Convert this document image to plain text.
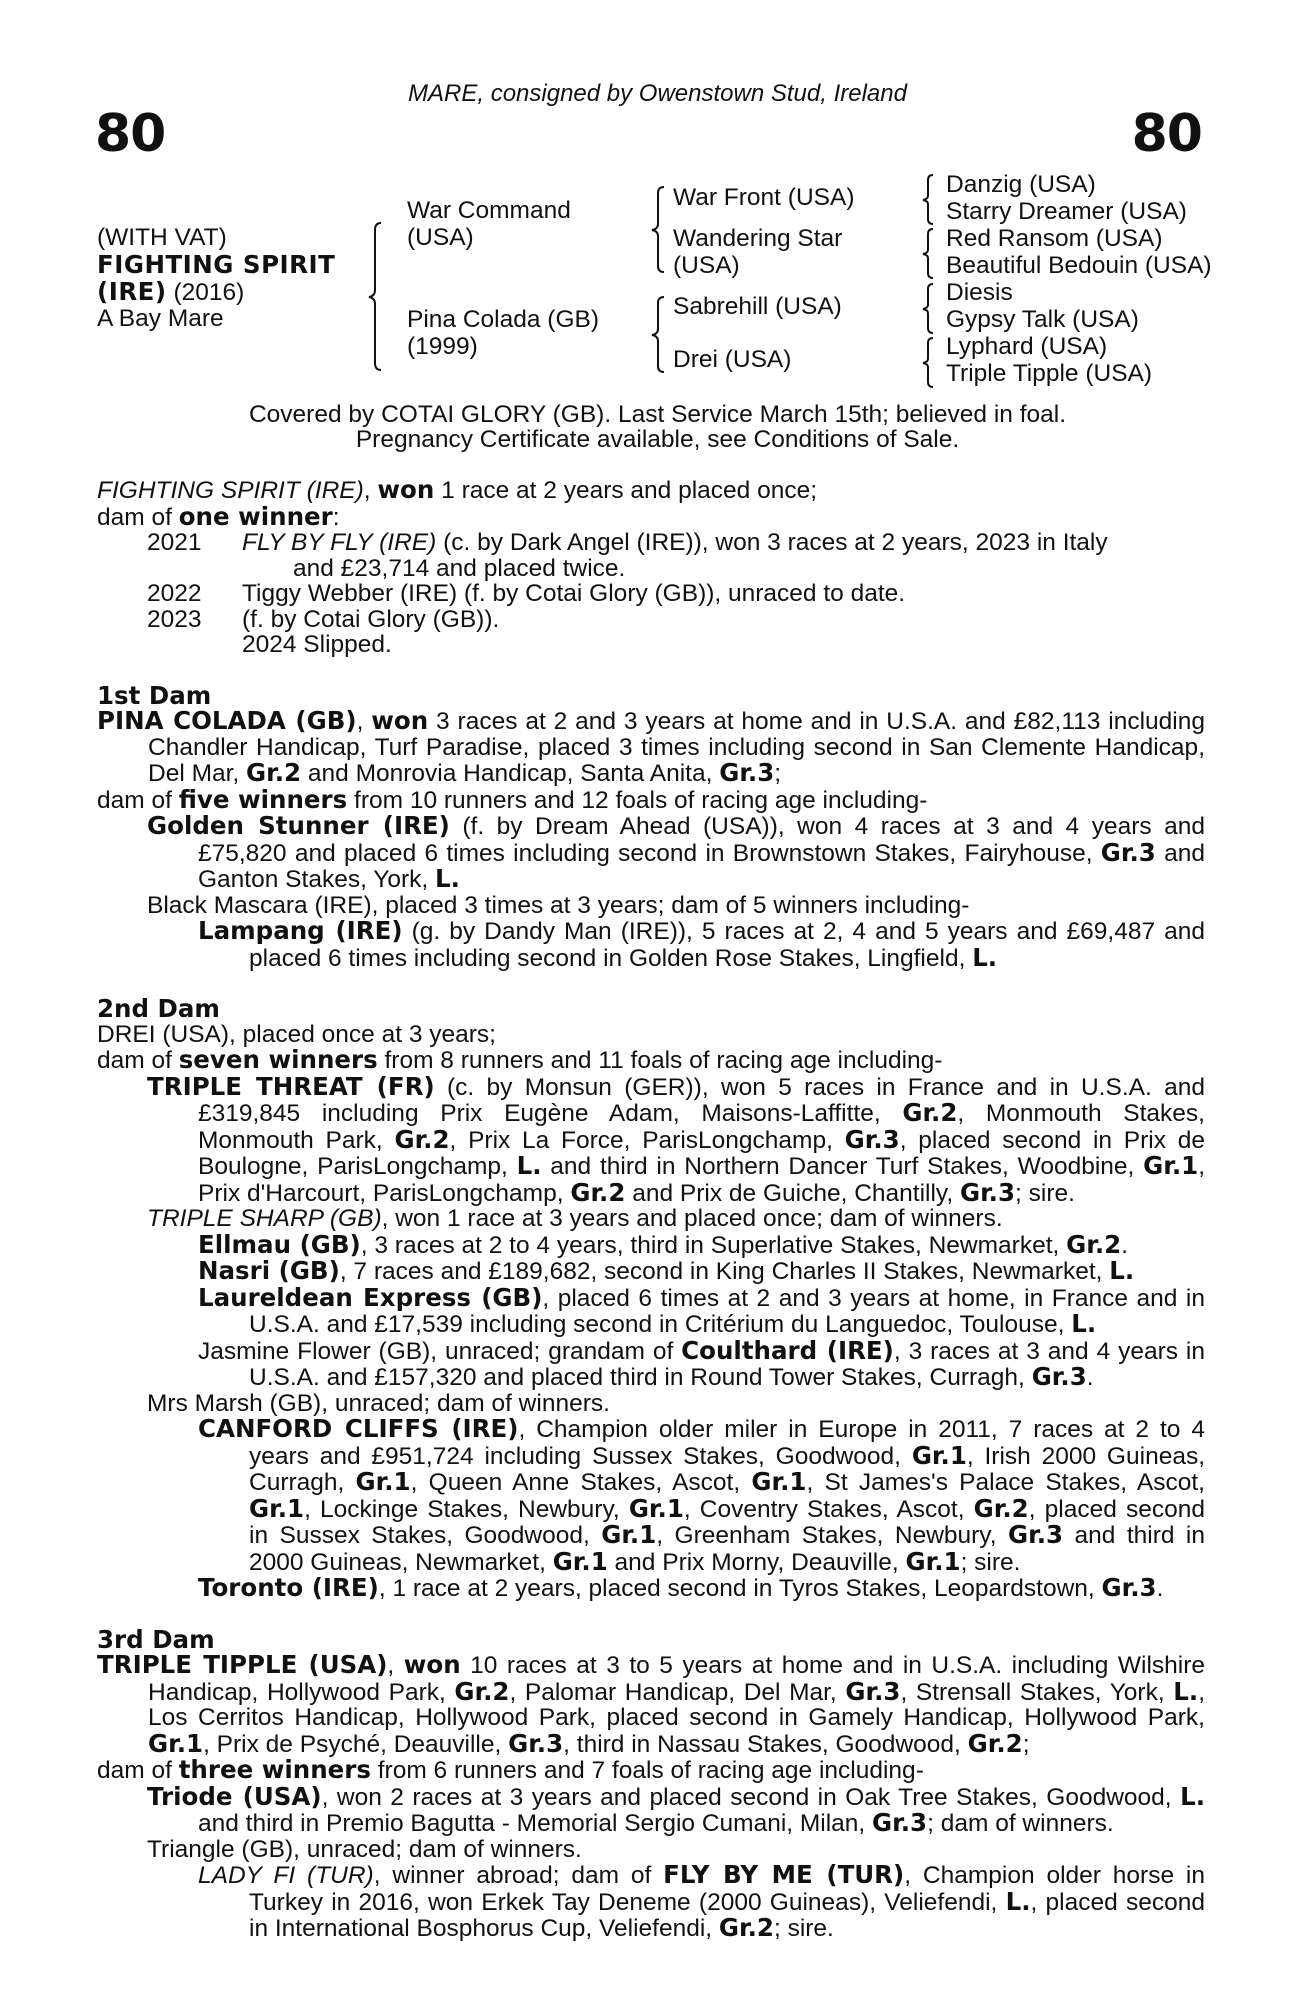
MARE, consigned by Owenstown Stud, Ireland
80	80
(WITH VAT)
FIGHTING SPIRIT
(IRE) (2016)
A Bay Mare
War Command
(USA)
Pina Colada (GB)
(1999)
War Front (USA)
Wandering Star
(USA)
Sabrehill (USA)
Drei (USA)
Danzig (USA)
Starry Dreamer (USA)
Red Ransom (USA)
Beautiful Bedouin (USA)
Diesis
Gypsy Talk (USA)
Lyphard (USA)
Triple Tipple (USA)
Covered by COTAI GLORY (GB). Last Service March 15th; believed in foal.
Pregnancy Certificate available, see Conditions of Sale.

FIGHTING SPIRIT (IRE), won 1 race at 2 years and placed once;

dam of one winner:

2021	FLY BY FLY (IRE) (c. by Dark Angel (IRE)), won 3 races at 2 years, 2023 in Italy
and £23,714 and placed twice.
2022	Tiggy Webber (IRE) (f. by Cotai Glory (GB)), unraced to date.
2023	(f. by Cotai Glory (GB)).
2024 Slipped.

1st Dam

PINA COLADA (GB), won 3 races at 2 and 3 years at home and in U.S.A. and £82,113 including Chandler Handicap, Turf Paradise, placed 3 times including second in San Clemente Handicap, Del Mar, Gr.2 and Monrovia Handicap, Santa Anita, Gr.3;

dam of five winners from 10 runners and 12 foals of racing age including-

Golden Stunner (IRE) (f. by Dream Ahead (USA)), won 4 races at 3 and 4 years and £75,820 and placed 6 times including second in Brownstown Stakes, Fairyhouse, Gr.3 and Ganton Stakes, York, L.

Black Mascara (IRE), placed 3 times at 3 years; dam of 5 winners including-

Lampang (IRE) (g. by Dandy Man (IRE)), 5 races at 2, 4 and 5 years and £69,487 and placed 6 times including second in Golden Rose Stakes, Lingfield, L.

2nd Dam

DREI (USA), placed once at 3 years;

dam of seven winners from 8 runners and 11 foals of racing age including-

TRIPLE THREAT (FR) (c. by Monsun (GER)), won 5 races in France and in U.S.A. and £319,845 including Prix Eugène Adam, Maisons-Laffitte, Gr.2, Monmouth Stakes, Monmouth Park, Gr.2, Prix La Force, ParisLongchamp, Gr.3, placed second in Prix de Boulogne, ParisLongchamp, L. and third in Northern Dancer Turf Stakes, Woodbine, Gr.1, Prix d'Harcourt, ParisLongchamp, Gr.2 and Prix de Guiche, Chantilly, Gr.3; sire.

TRIPLE SHARP (GB), won 1 race at 3 years and placed once; dam of winners.

Ellmau (GB), 3 races at 2 to 4 years, third in Superlative Stakes, Newmarket, Gr.2.

Nasri (GB), 7 races and £189,682, second in King Charles II Stakes, Newmarket, L.

Laureldean Express (GB), placed 6 times at 2 and 3 years at home, in France and in U.S.A. and £17,539 including second in Critérium du Languedoc, Toulouse, L.

Jasmine Flower (GB), unraced; grandam of Coulthard (IRE), 3 races at 3 and 4 years in U.S.A. and £157,320 and placed third in Round Tower Stakes, Curragh, Gr.3.

Mrs Marsh (GB), unraced; dam of winners.

CANFORD CLIFFS (IRE), Champion older miler in Europe in 2011, 7 races at 2 to 4 years and £951,724 including Sussex Stakes, Goodwood, Gr.1, Irish 2000 Guineas, Curragh, Gr.1, Queen Anne Stakes, Ascot, Gr.1, St James's Palace Stakes, Ascot, Gr.1, Lockinge Stakes, Newbury, Gr.1, Coventry Stakes, Ascot, Gr.2, placed second in Sussex Stakes, Goodwood, Gr.1, Greenham Stakes, Newbury, Gr.3 and third in 2000 Guineas, Newmarket, Gr.1 and Prix Morny, Deauville, Gr.1; sire.

Toronto (IRE), 1 race at 2 years, placed second in Tyros Stakes, Leopardstown, Gr.3.

3rd Dam

TRIPLE TIPPLE (USA), won 10 races at 3 to 5 years at home and in U.S.A. including Wilshire Handicap, Hollywood Park, Gr.2, Palomar Handicap, Del Mar, Gr.3, Strensall Stakes, York, L., Los Cerritos Handicap, Hollywood Park, placed second in Gamely Handicap, Hollywood Park, Gr.1, Prix de Psyché, Deauville, Gr.3, third in Nassau Stakes, Goodwood, Gr.2;

dam of three winners from 6 runners and 7 foals of racing age including-

Triode (USA), won 2 races at 3 years and placed second in Oak Tree Stakes, Goodwood, L. and third in Premio Bagutta - Memorial Sergio Cumani, Milan, Gr.3; dam of winners.

Triangle (GB), unraced; dam of winners.

LADY FI (TUR), winner abroad; dam of FLY BY ME (TUR), Champion older horse in Turkey in 2016, won Erkek Tay Deneme (2000 Guineas), Veliefendi, L., placed second in International Bosphorus Cup, Veliefendi, Gr.2; sire.
